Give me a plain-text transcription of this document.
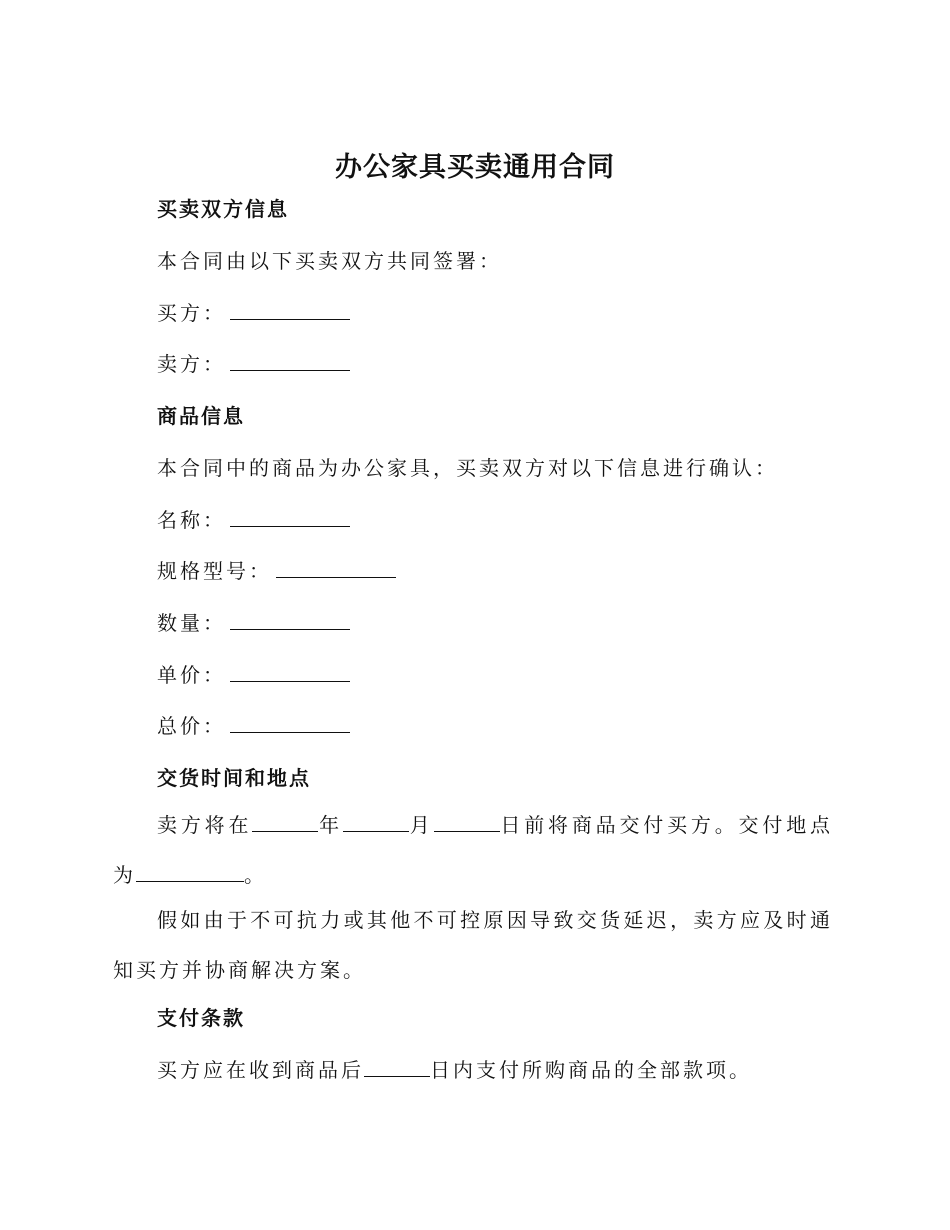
办公家具买卖通用合同
买卖双方信息

本合同由以下买卖双方共同签署：

买方：

卖方：

商品信息

本合同中的商品为办公家具，买卖双方对以下信息进行确认：

名称：

规格型号：

数量：

单价：

总价：

交货时间和地点

卖方将在	年	月	日前将商品交付买方。交付地点为	。

假如由于不可抗力或其他不可控原因导致交货延迟，卖方应及时通知买方并协商解决方案。

支付条款

买方应在收到商品后	日内支付所购商品的全部款项。
